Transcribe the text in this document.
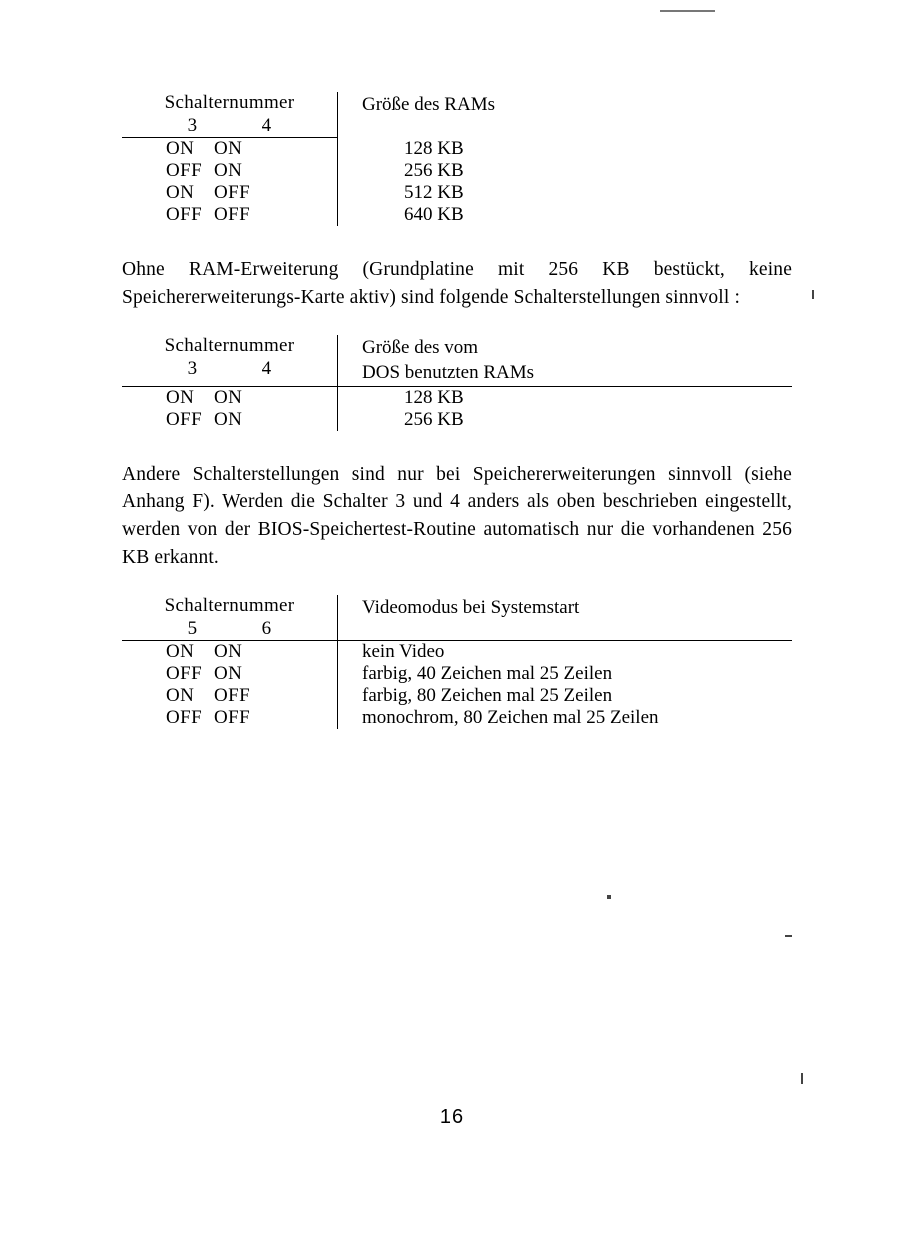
Schalternummer
3 4		Größe des RAMs

ON ON		128 KB

OFF ON		256 KB

ON OFF		512 KB

OFF OFF		640 KB

Ohne RAM-Erweiterung (Grundplatine mit 256 KB bestückt, keine Speichererweiterungs-Karte aktiv) sind folgende Schalterstellungen sinnvoll :

Schalternummer
3 4		Größe des vom
DOS benutzten RAMs

ON ON		128 KB

OFF ON		256 KB

Andere Schalterstellungen sind nur bei Speichererweiterungen sinnvoll (siehe Anhang F). Werden die Schalter 3 und 4 anders als oben beschrieben eingestellt, werden von der BIOS-Speichertest-Routine automatisch nur die vorhandenen 256 KB erkannt.

Schalternummer
5 6		Videomodus bei Systemstart

ON ON		kein Video

OFF ON		farbig, 40 Zeichen mal 25 Zeilen

ON OFF		farbig, 80 Zeichen mal 25 Zeilen

OFF OFF		monochrom, 80 Zeichen mal 25 Zeilen
16
